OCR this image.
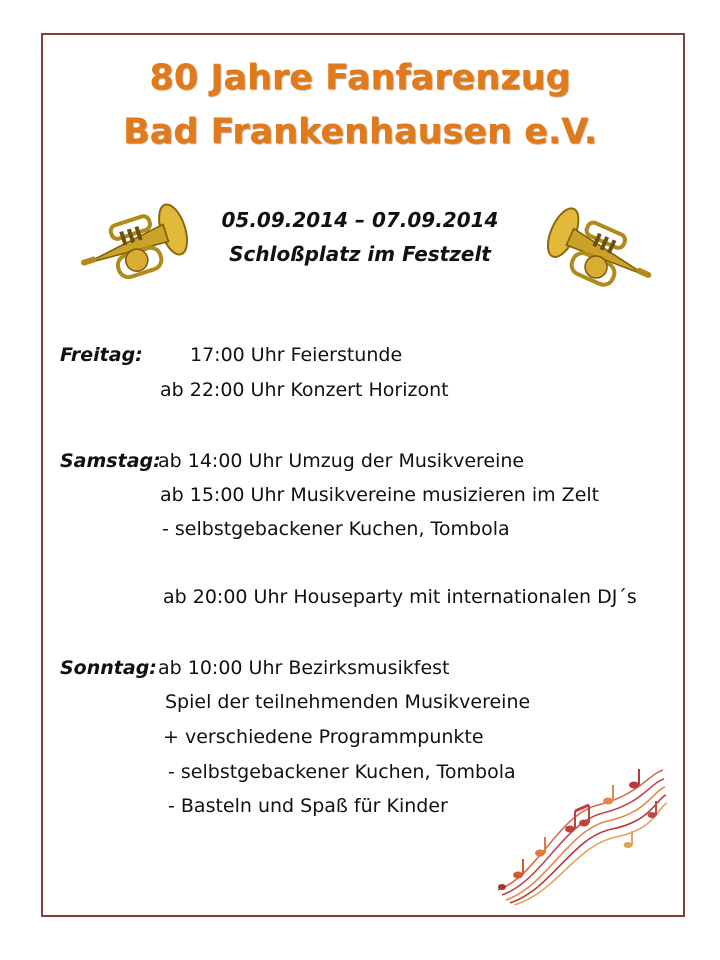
80 Jahre Fanfarenzug
Bad Frankenhausen e.V.
05.09.2014 – 07.09.2014
Schloßplatz im Festzelt
Freitag: 17:00 Uhr Feierstunde
ab 22:00 Uhr Konzert Horizont
Samstag:
ab 14:00 Uhr Umzug der Musikvereine
ab 15:00 Uhr Musikvereine musizieren im Zelt
- selbstgebackener Kuchen, Tombola
ab 20:00 Uhr Houseparty mit internationalen DJ´s
Sonntag: ab 10:00 Uhr Bezirksmusikfest
Spiel der teilnehmenden Musikvereine
+ verschiedene Programmpunkte
- selbstgebackener Kuchen, Tombola
- Basteln und Spaß für Kinder
